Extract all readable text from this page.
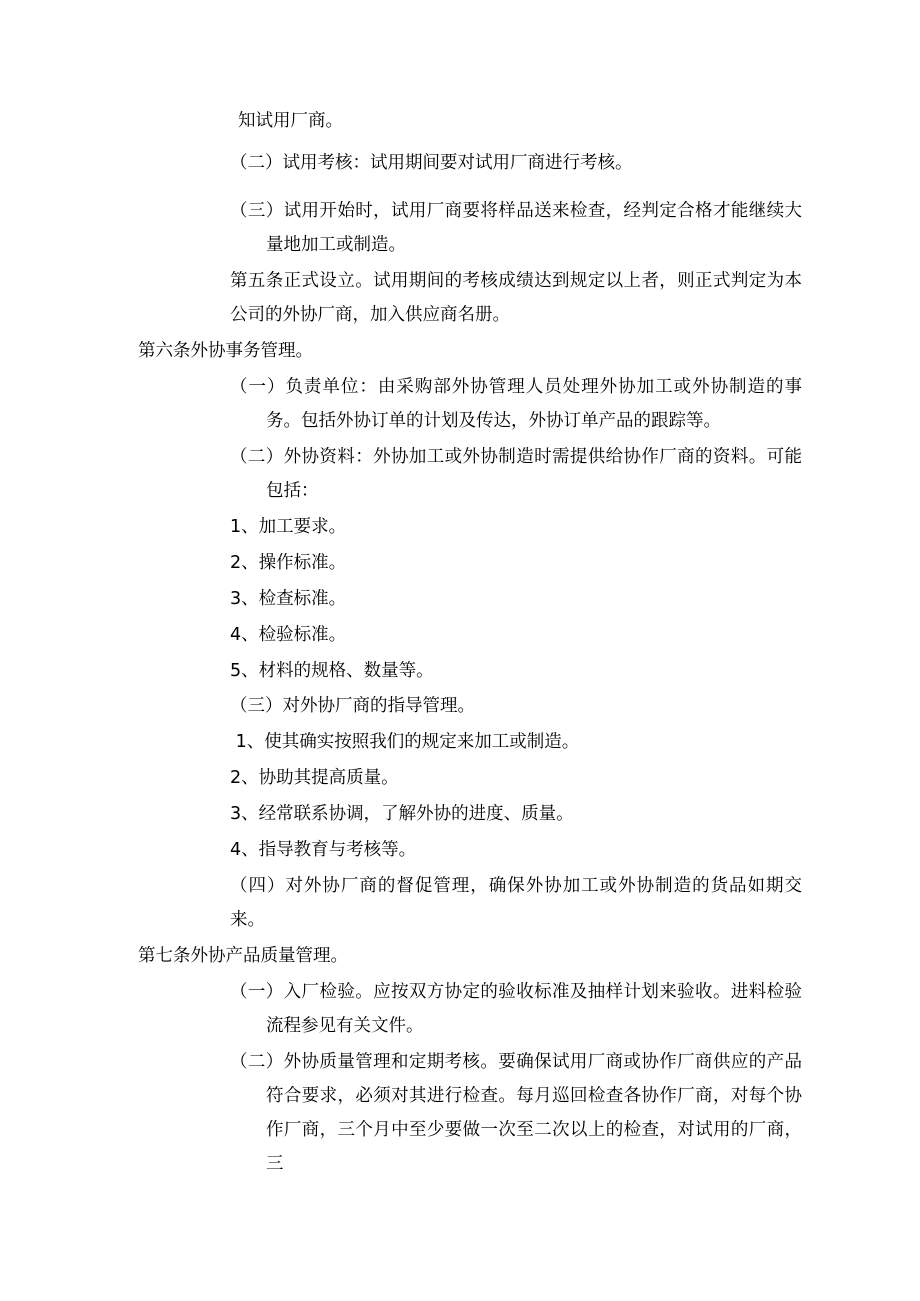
知试用厂商。

（二）试用考核：试用期间要对试用厂商进行考核。

（三）试用开始时，试用厂商要将样品送来检查，经判定合格才能继续大量地加工或制造。

第五条正式设立。试用期间的考核成绩达到规定以上者，则正式判定为本公司的外协厂商，加入供应商名册。

第六条外协事务管理。

（一）负责单位：由采购部外协管理人员处理外协加工或外协制造的事务。包括外协订单的计划及传达，外协订单产品的跟踪等。

（二）外协资料：外协加工或外协制造时需提供给协作厂商的资料。可能包括：

1、加工要求。

2、操作标准。

3、检查标准。

4、检验标准。

5、材料的规格、数量等。

（三）对外协厂商的指导管理。

1、使其确实按照我们的规定来加工或制造。

2、协助其提高质量。

3、经常联系协调，了解外协的进度、质量。

4、指导教育与考核等。

（四）对外协厂商的督促管理，确保外协加工或外协制造的货品如期交来。

第七条外协产品质量管理。

（一）入厂检验。应按双方协定的验收标准及抽样计划来验收。进料检验流程参见有关文件。

（二）外协质量管理和定期考核。要确保试用厂商或协作厂商供应的产品符合要求，必须对其进行检查。每月巡回检查各协作厂商，对每个协作厂商，三个月中至少要做一次至二次以上的检查，对试用的厂商，三
